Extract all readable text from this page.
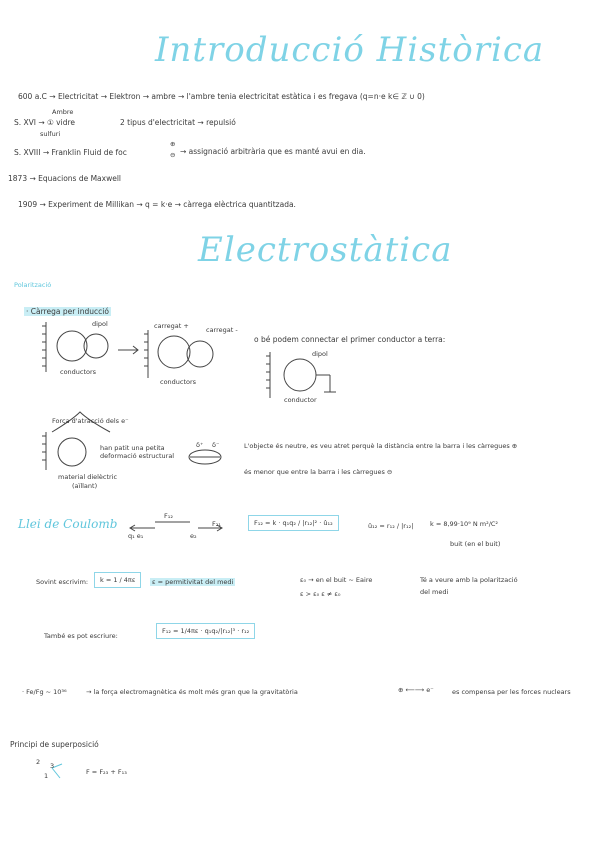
Introducció Històrica
600 a.C → Electricitat → Elektron → ambre → l'ambre tenia electricitat estàtica i es fregava (q=n·e k∈ ℤ ∪ 0)
Ambre
S. XVI → ① vidre
sulfuri
2 tipus d'electricitat → repulsió
S. XVIII → Franklin Fluid de foc
⊕
⊖ → assignació arbitrària que es manté avui en dia.
1873 → Equacions de Maxwell
1909 → Experiment de Millikan → q = k·e → càrrega elèctrica quantitzada.
Electrostàtica
Polarització
· Càrrega per inducció
dipol
conductors
carregat +	carregat -
conductors
o bé podem connectar el primer conductor a terra:
dipol
conductor
Força d'atracció dels e⁻
han patit una petita
deformació estructural
material dielèctric
(aïllant)
δ⁺ δ⁻	L'objecte és neutre, es veu atret perquè la distància entre la barra i les càrregues ⊕
és menor que entre la barra i les càrregues ⊖
Llei de Coulomb
F₁₂
q₁ e₁	e₂
F₂₁	F₁₂ = k · q₁q₂ / |r₁₂|² · û₁₂	û₁₂ = r₁₂ / |r₁₂|	k = 8,99·10⁹ N m²/C²
buit (en el buit)
Sovint escrivim:	k = 1 / 4πε	ε = permitivitat del medi	ε₀ → en el buit ~ Eaire
ε > ε₀ ε ≠ ε₀
Té a veure amb la polarització
del medi
També es pot escriure:
F₁₂ = 1/4πε · q₁q₂/|r₁₂|³ · r₁₂
· Fe/Fg ~ 10³⁶	→ la força electromagnètica és molt més gran que la gravitatòria	⊕ ⟵⟶ e⁻	es compensa per les forces nuclears
Principi de superposició
2 3
1	F = F₂₃ + F₁₃
